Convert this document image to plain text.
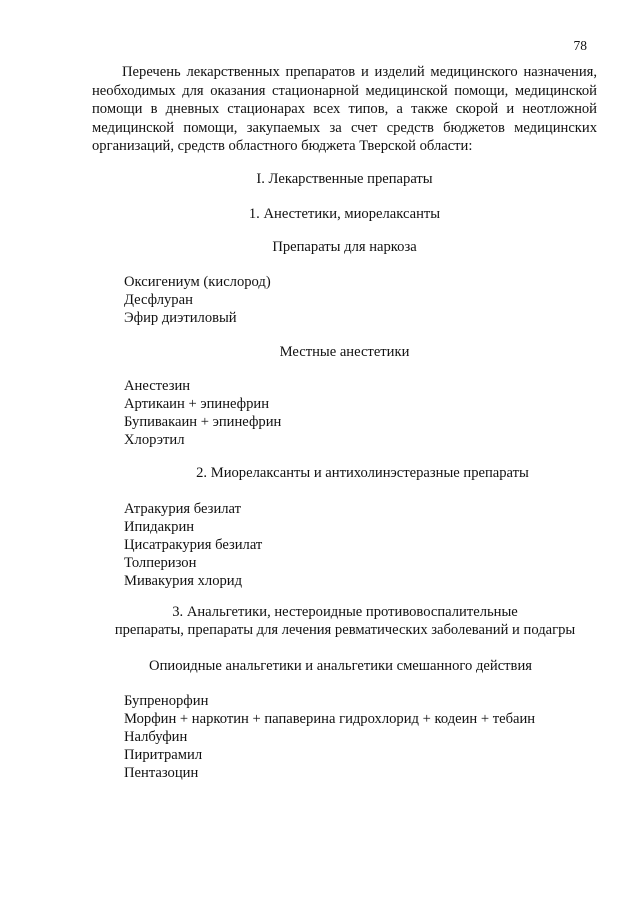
78
Перечень лекарственных препаратов и изделий медицинского назначения, необходимых для оказания стационарной медицинской помощи, медицинской помощи в дневных стационарах всех типов, а также скорой и неотложной медицинской помощи, закупаемых за счет средств бюджетов медицинских организаций, средств областного бюджета Тверской области:
I. Лекарственные препараты
1. Анестетики, миорелаксанты
Препараты для наркоза
Оксигениум (кислород)
Десфлуран
Эфир диэтиловый
Местные анестетики
Анестезин
Артикаин + эпинефрин
Бупивакаин + эпинефрин
Хлорэтил
2. Миорелаксанты и антихолинэстеразные препараты
Атракурия безилат
Ипидакрин
Цисатракурия безилат
Толперизон
Мивакурия хлорид
3. Анальгетики, нестероидные противовоспалительные
препараты, препараты для лечения ревматических заболеваний и подагры
Опиоидные анальгетики и анальгетики смешанного действия
Бупренорфин
Морфин + наркотин + папаверина гидрохлорид + кодеин + тебаин
Налбуфин
Пиритрамил
Пентазоцин
